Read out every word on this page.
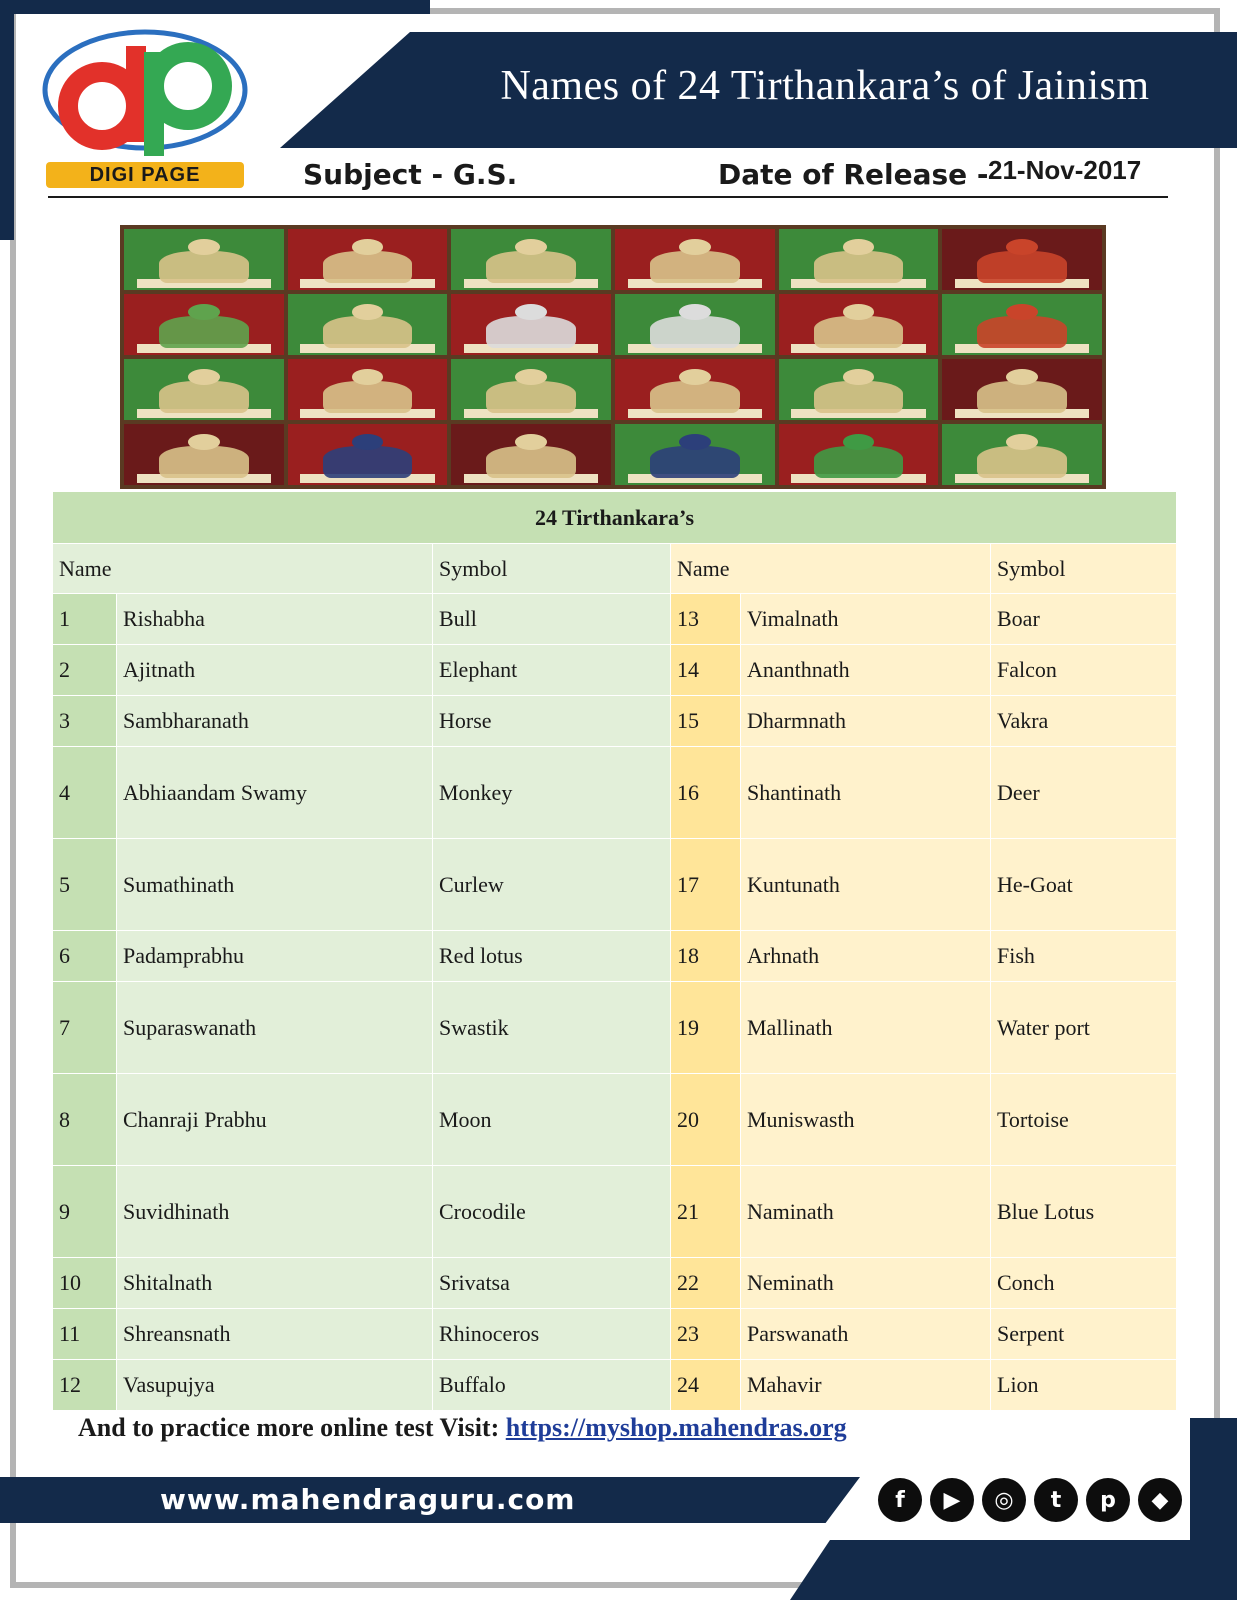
Names of 24 Tirthankara’s of Jainism
DIGI PAGE	Subject - G.S.	Date of Release - 21-Nov-2017
24 Tirthankara’s					
Name		Symbol	Name		Symbol
1	Rishabha	Bull	13	Vimalnath	Boar
2	Ajitnath	Elephant	14	Ananthnath	Falcon
3	Sambharanath	Horse	15	Dharmnath	Vakra
4	Abhiaandam Swamy	Monkey	16	Shantinath	Deer
5	Sumathinath	Curlew	17	Kuntunath	He-Goat
6	Padamprabhu	Red lotus	18	Arhnath	Fish
7	Suparaswanath	Swastik	19	Mallinath	Water port
8	Chanraji Prabhu	Moon	20	Muniswasth	Tortoise
9	Suvidhinath	Crocodile	21	Naminath	Blue Lotus
10	Shitalnath	Srivatsa	22	Neminath	Conch
11	Shreansnath	Rhinoceros	23	Parswanath	Serpent
12	Vasupujya	Buffalo	24	Mahavir	Lion
And to practice more online test Visit: https://myshop.mahendras.org
www.mahendraguru.com	f	▶	◎	t	p	◆
